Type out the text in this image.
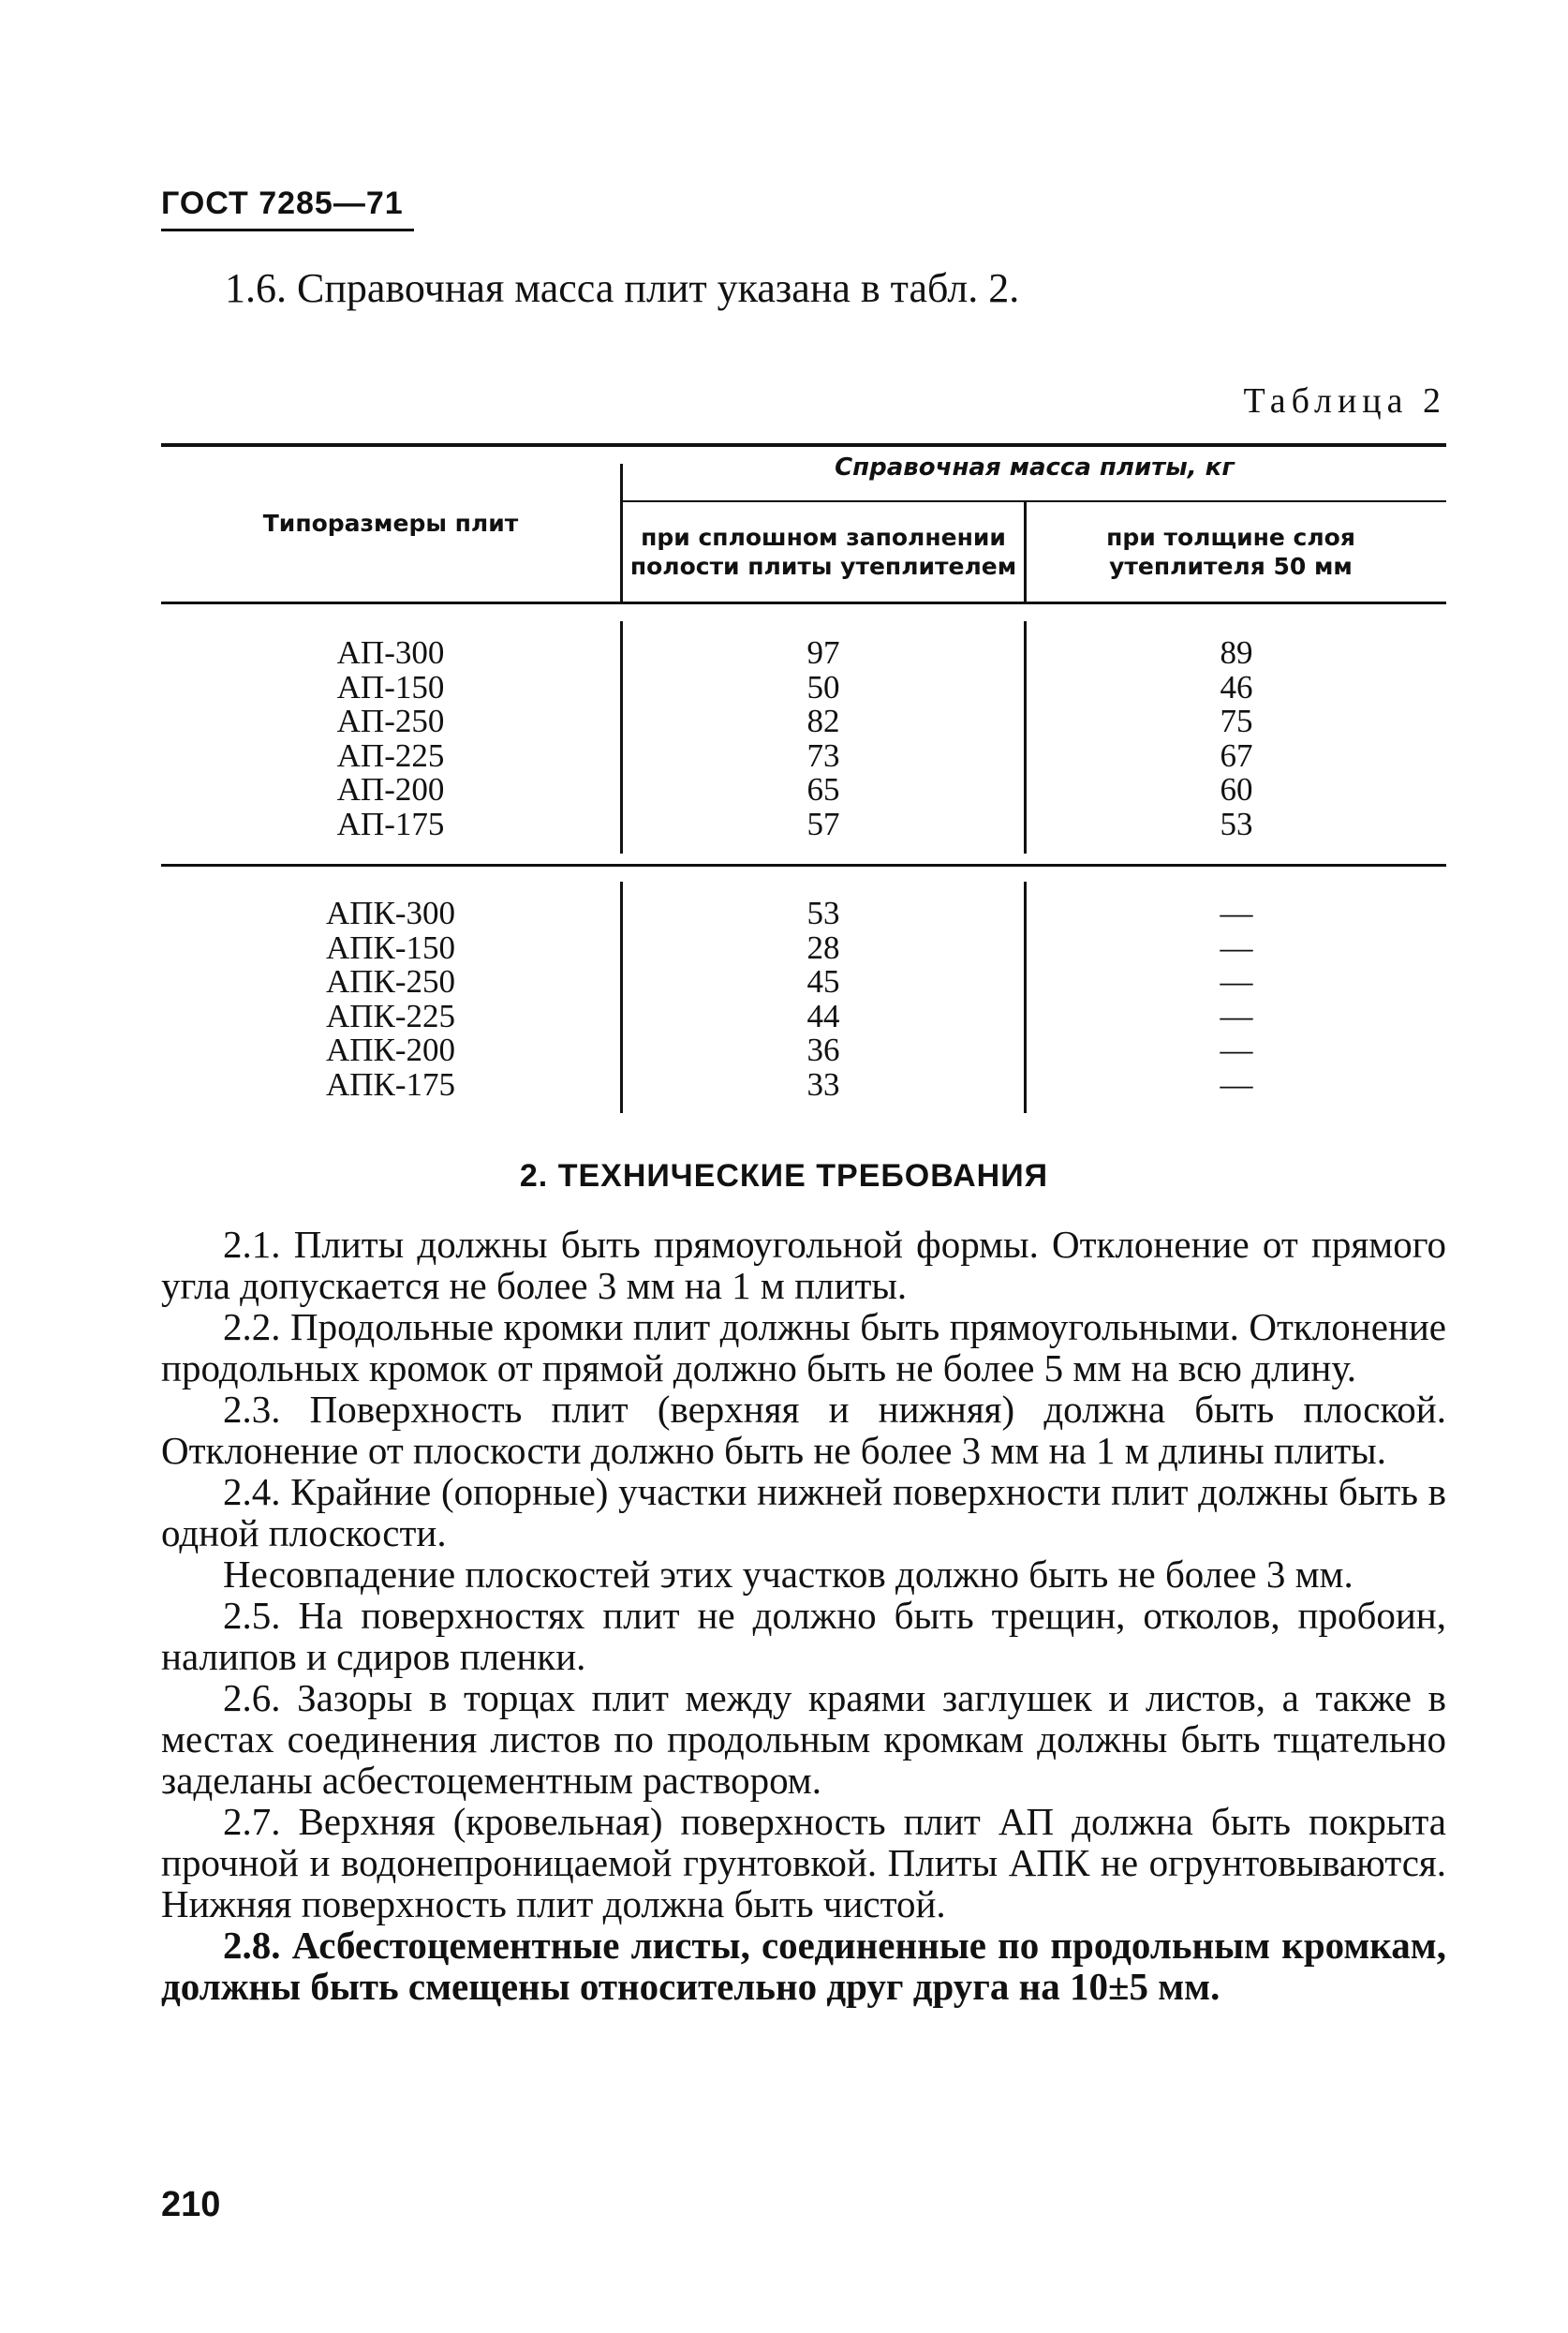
ГОСТ 7285—71
1.6. Справочная масса плит указана в табл. 2.
Таблица 2
Типоразмеры плит
Справочная масса плиты, кг
при сплошном заполнении полости плиты утеплителем
при толщине слоя утеплителя 50 мм
АП-300
АП-150
АП-250
АП-225
АП-200
АП-175
97
50
82
73
65
57
89
46
75
67
60
53
АПК-300
АПК-150
АПК-250
АПК-225
АПК-200
АПК-175
53
28
45
44
36
33
—
—
—
—
—
—
2. ТЕХНИЧЕСКИЕ ТРЕБОВАНИЯ

2.1. Плиты должны быть прямоугольной формы. Отклонение от прямого угла допускается не более 3 мм на 1 м плиты.

2.2. Продольные кромки плит должны быть прямоугольными. Отклонение продольных кромок от прямой должно быть не более 5 мм на всю длину.

2.3. Поверхность плит (верхняя и нижняя) должна быть плоской. Отклонение от плоскости должно быть не более 3 мм на 1 м длины плиты.

2.4. Крайние (опорные) участки нижней поверхности плит должны быть в одной плоскости.

Несовпадение плоскостей этих участков должно быть не более 3 мм.

2.5. На поверхностях плит не должно быть трещин, отколов, пробоин, налипов и сдиров пленки.

2.6. Зазоры в торцах плит между краями заглушек и листов, а также в местах соединения листов по продольным кромкам должны быть тщательно заделаны асбестоцементным раствором.

2.7. Верхняя (кровельная) поверхность плит АП должна быть покрыта прочной и водонепроницаемой грунтовкой. Плиты АПК не огрунтовываются. Нижняя поверхность плит должна быть чистой.

2.8. Асбестоцементные листы, соединенные по продольным кромкам, должны быть смещены относительно друг друга на 10±5 мм.

210
